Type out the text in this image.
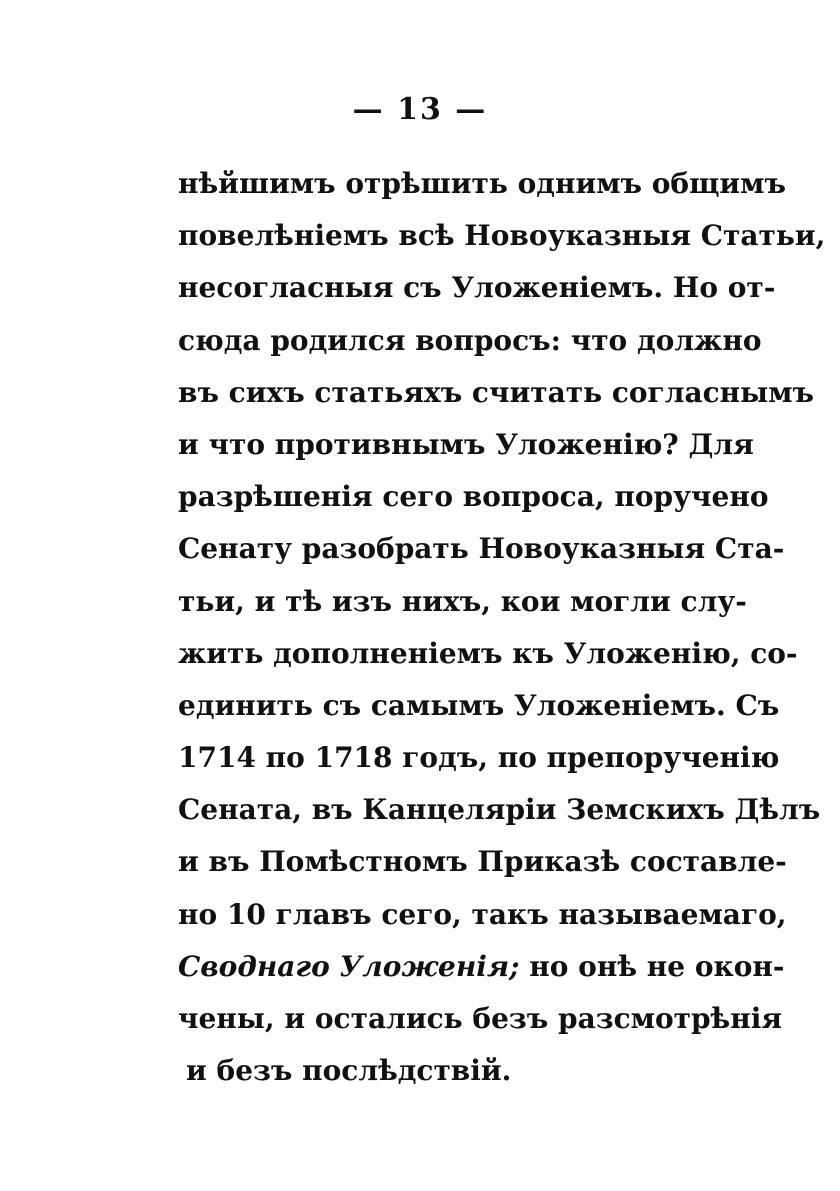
— 13 —
нѣйшимъ отрѣшить однимъ общимъ
повелѣніемъ всѣ Новоуказныя Статьи,
несогласныя съ Уложеніемъ. Но от-
сюда родился вопросъ: что должно
въ сихъ статьяхъ считать согласнымъ
и что противнымъ Уложенію? Для
разрѣшенія сего вопроса, поручено
Сенату разобрать Новоуказныя Ста-
тьи, и тѣ изъ нихъ, кои могли слу-
жить дополненіемъ къ Уложенію, со-
единить съ самымъ Уложеніемъ. Съ
1714 по 1718 годъ, по препорученію
Сената, въ Канцеляріи Земскихъ Дѣлъ
и въ Помѣстномъ Приказѣ составле-
но 10 главъ сего, такъ называемаго,
Своднаго Уложенія; но онѣ не окон-
чены, и остались безъ разсмотрѣнія
и безъ послѣдствій.
